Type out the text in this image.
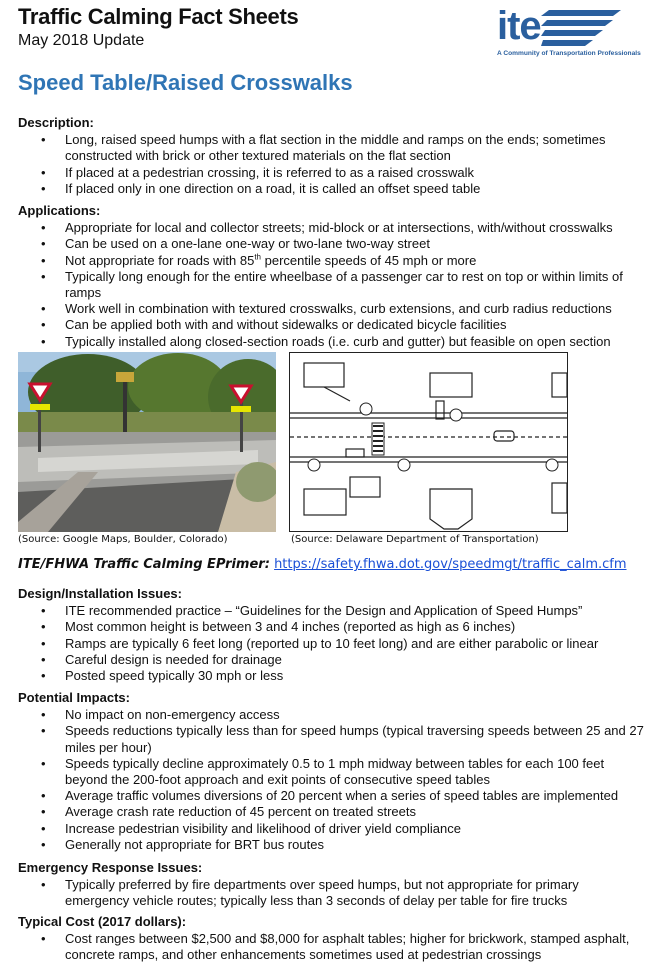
Traffic Calming Fact Sheets
May 2018 Update	ite
A Community of Transportation Professionals
Speed Table/Raised Crosswalks
Description:
• Long, raised speed humps with a flat section in the middle and ramps on the ends; sometimes constructed with brick or other textured materials on the flat section
• If placed at a pedestrian crossing, it is referred to as a raised crosswalk
• If placed only in one direction on a road, it is called an offset speed table
Applications:
• Appropriate for local and collector streets; mid-block or at intersections, with/without crosswalks
• Can be used on a one-lane one-way or two-lane two-way street
• Not appropriate for roads with 85th percentile speeds of 45 mph or more
• Typically long enough for the entire wheelbase of a passenger car to rest on top or within limits of ramps
• Work well in combination with textured crosswalks, curb extensions, and curb radius reductions
• Can be applied both with and without sidewalks or dedicated bicycle facilities
• Typically installed along closed-section roads (i.e. curb and gutter) but feasible on open section
(Source: Google Maps, Boulder, Colorado)	(Source: Delaware Department of Transportation)
ITE/FHWA Traffic Calming EPrimer: https://safety.fhwa.dot.gov/speedmgt/traffic_calm.cfm
Design/Installation Issues:
• ITE recommended practice – “Guidelines for the Design and Application of Speed Humps”
• Most common height is between 3 and 4 inches (reported as high as 6 inches)
• Ramps are typically 6 feet long (reported up to 10 feet long) and are either parabolic or linear
• Careful design is needed for drainage
• Posted speed typically 30 mph or less
Potential Impacts:
• No impact on non-emergency access
• Speeds reductions typically less than for speed humps (typical traversing speeds between 25 and 27 miles per hour)
• Speeds typically decline approximately 0.5 to 1 mph midway between tables for each 100 feet beyond the 200-foot approach and exit points of consecutive speed tables
• Average traffic volumes diversions of 20 percent when a series of speed tables are implemented
• Average crash rate reduction of 45 percent on treated streets
• Increase pedestrian visibility and likelihood of driver yield compliance
• Generally not appropriate for BRT bus routes
Emergency Response Issues:
• Typically preferred by fire departments over speed humps, but not appropriate for primary emergency vehicle routes; typically less than 3 seconds of delay per table for fire trucks
Typical Cost (2017 dollars):
• Cost ranges between $2,500 and $8,000 for asphalt tables; higher for brickwork, stamped asphalt, concrete ramps, and other enhancements sometimes used at pedestrian crossings
